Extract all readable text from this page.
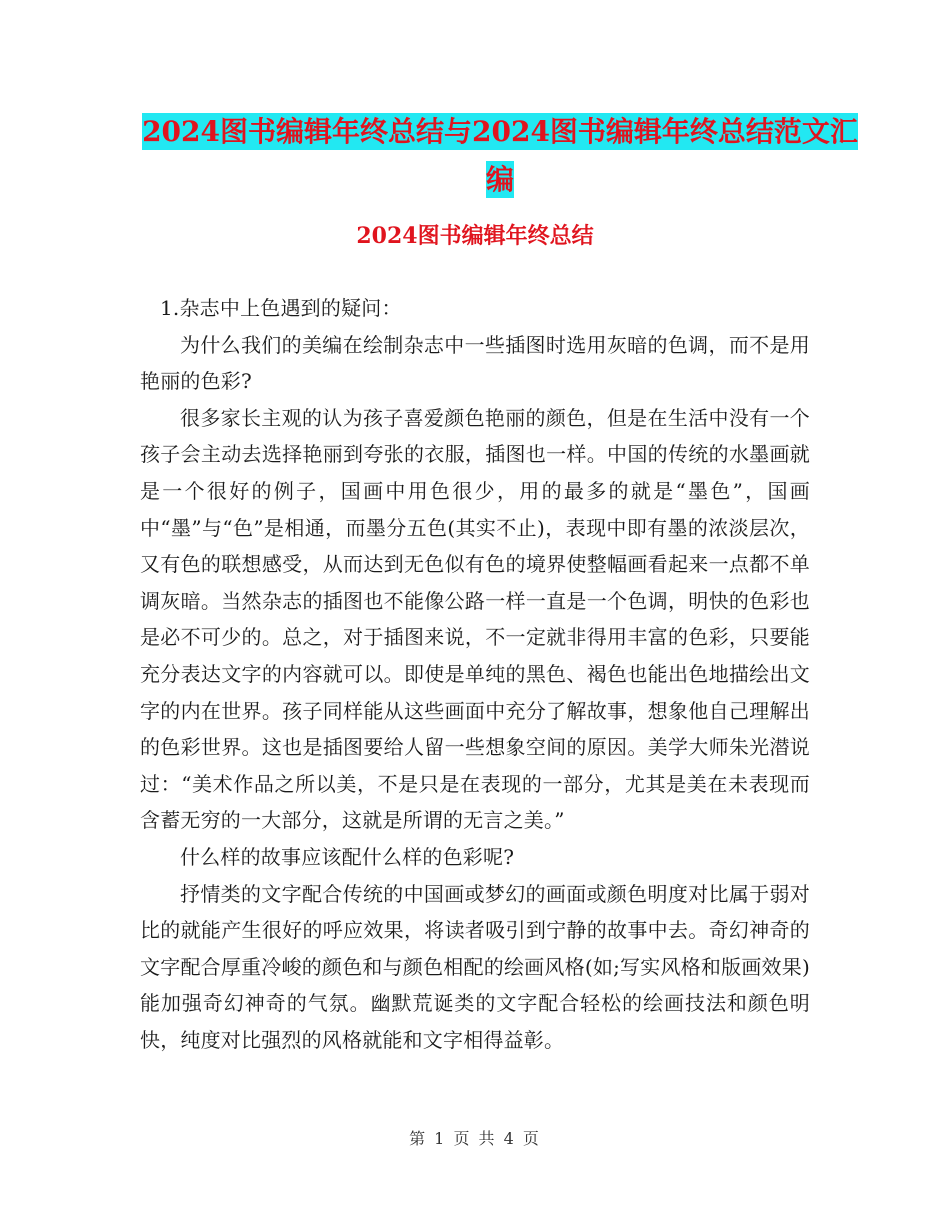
2024图书编辑年终总结与2024图书编辑年终总结范文汇编
2024图书编辑年终总结

1.杂志中上色遇到的疑问：

为什么我们的美编在绘制杂志中一些插图时选用灰暗的色调，而不是用艳丽的色彩?

很多家长主观的认为孩子喜爱颜色艳丽的颜色，但是在生活中没有一个孩子会主动去选择艳丽到夸张的衣服，插图也一样。中国的传统的水墨画就是一个很好的例子，国画中用色很少，用的最多的就是“墨色”，国画中“墨”与“色”是相通，而墨分五色(其实不止)，表现中即有墨的浓淡层次，又有色的联想感受，从而达到无色似有色的境界使整幅画看起来一点都不单调灰暗。当然杂志的插图也不能像公路一样一直是一个色调，明快的色彩也是必不可少的。总之，对于插图来说，不一定就非得用丰富的色彩，只要能充分表达文字的内容就可以。即使是单纯的黑色、褐色也能出色地描绘出文字的内在世界。孩子同样能从这些画面中充分了解故事，想象他自己理解出的色彩世界。这也是插图要给人留一些想象空间的原因。美学大师朱光潜说过：“美术作品之所以美，不是只是在表现的一部分，尤其是美在未表现而含蓄无穷的一大部分，这就是所谓的无言之美。”

什么样的故事应该配什么样的色彩呢?

抒情类的文字配合传统的中国画或梦幻的画面或颜色明度对比属于弱对比的就能产生很好的呼应效果，将读者吸引到宁静的故事中去。奇幻神奇的文字配合厚重冷峻的颜色和与颜色相配的绘画风格(如;写实风格和版画效果)能加强奇幻神奇的气氛。幽默荒诞类的文字配合轻松的绘画技法和颜色明快，纯度对比强烈的风格就能和文字相得益彰。

第 1 页 共 4 页
